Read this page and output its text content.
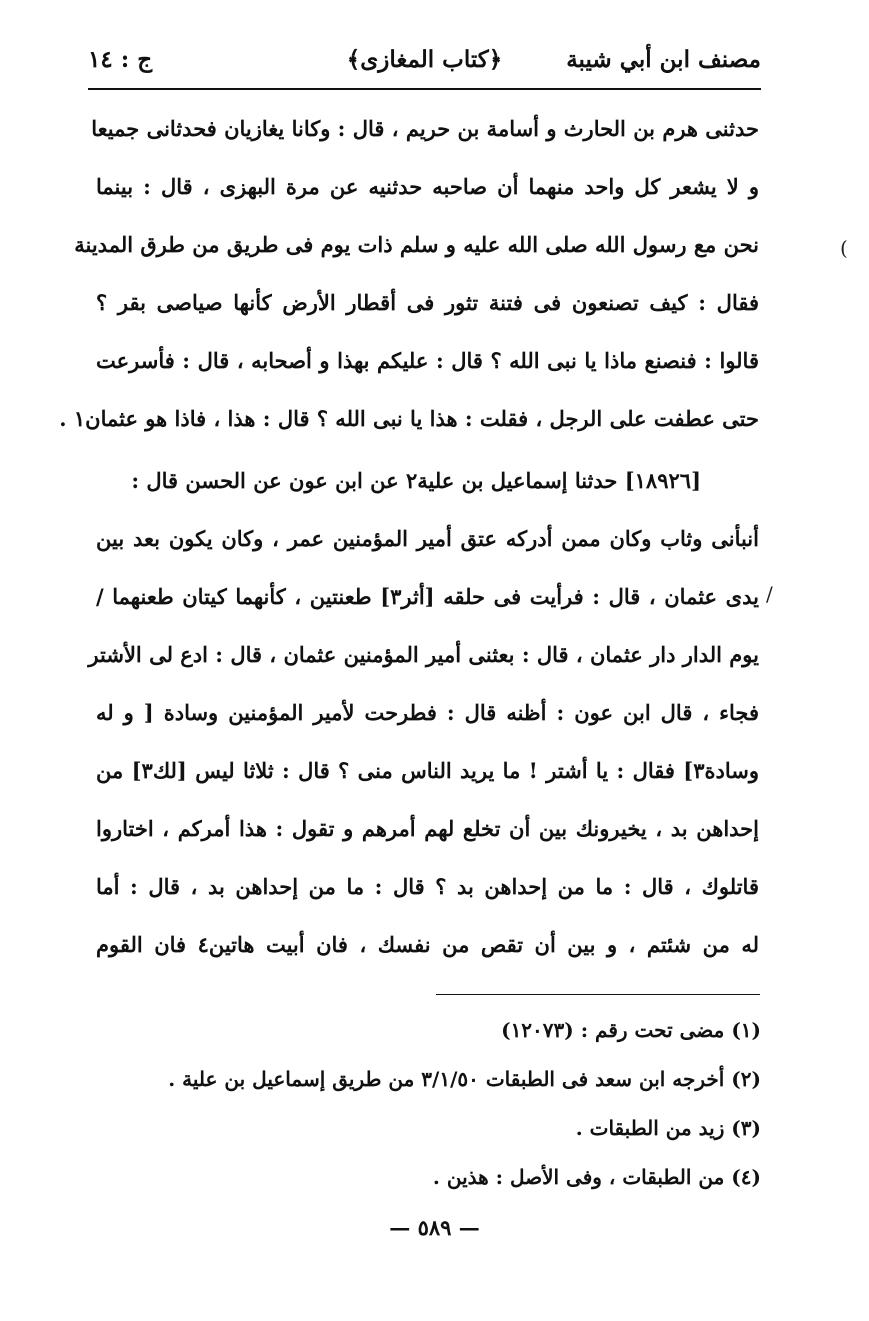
مصنف ابن أبي شيبة
﴿كتاب المغازى﴾
ج : ١٤
حدثنى هرم بن الحارث و أسامة بن حريم ، قال : وكانا يغازيان فحدثانى جميعا
و لا يشعر كل واحد منهما أن صاحبه حدثنيه عن مرة البهزى ، قال : بينما
نحن مع رسول الله صلى الله عليه و سلم ذات يوم فى طريق من طرق المدينة
فقال : كيف تصنعون فى فتنة تثور فى أقطار الأرض كأنها صياصى بقر ؟
قالوا : فنصنع ماذا يا نبى الله ؟ قال : عليكم بهذا و أصحابه ، قال : فأسرعت
حتى عطفت على الرجل ، فقلت : هذا يا نبى الله ؟ قال : هذا ، فاذا هو عثمان١ .
[١٨٩٢٦] حدثنا إسماعيل بن علية٢ عن ابن عون عن الحسن قال :
أنبأنى وثاب وكان ممن أدركه عتق أمير المؤمنين عمر ، وكان يكون بعد بين
يدى عثمان ، قال : فرأيت فى حلقه [أثر٣] طعنتين ، كأنهما كيتان طعنهما /
يوم الدار دار عثمان ، قال : بعثنى أمير المؤمنين عثمان ، قال : ادع لى الأشتر
فجاء ، قال ابن عون : أظنه قال : فطرحت لأمير المؤمنين وسادة [ و له
وسادة٣] فقال : يا أشتر ! ما يريد الناس منى ؟ قال : ثلاثا ليس [لك٣] من
إحداهن بد ، يخيرونك بين أن تخلع لهم أمرهم و تقول : هذا أمركم ، اختاروا
قاتلوك ، قال : ما من إحداهن بد ؟ قال : ما من إحداهن بد ، قال : أما
له من شئتم ، و بين أن تقص من نفسك ، فان أبيت هاتين٤ فان القوم
(١) مضى تحت رقم : (١٢٠٧٣)
(٢) أخرجه ابن سعد فى الطبقات ٣/١/٥٠ من طريق إسماعيل بن علية .
(٣) زيد من الطبقات .
(٤) من الطبقات ، وفى الأصل : هذين .
— ٥٨٩ —
/
(
